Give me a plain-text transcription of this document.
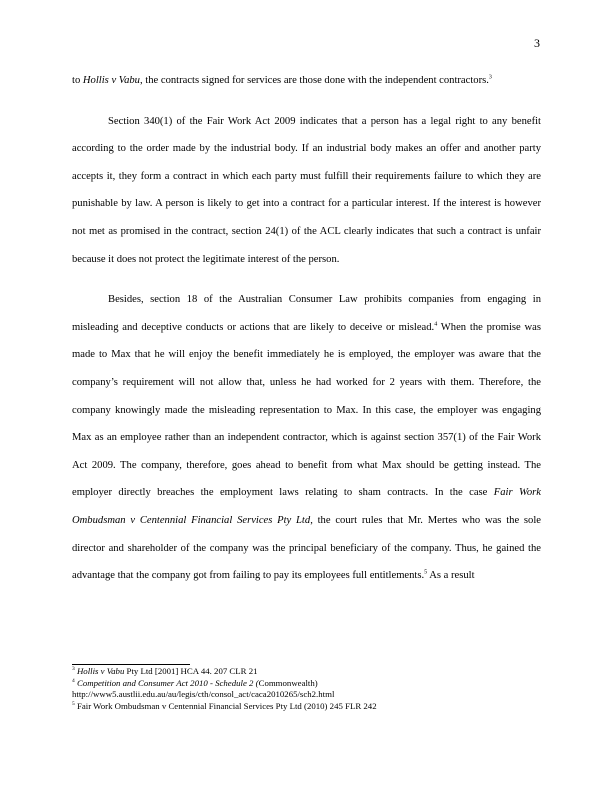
3

to Hollis v Vabu, the contracts signed for services are those done with the independent contractors.$^3$

Section 340(1) of the Fair Work Act 2009 indicates that a person has a legal right to any benefit according to the order made by the industrial body. If an industrial body makes an offer and another party accepts it, they form a contract in which each party must fulfill their requirements failure to which they are punishable by law. A person is likely to get into a contract for a particular interest. If the interest is however not met as promised in the contract, section 24(1) of the ACL clearly indicates that such a contract is unfair because it does not protect the legitimate interest of the person.

Besides, section 18 of the Australian Consumer Law prohibits companies from engaging in misleading and deceptive conducts or actions that are likely to deceive or mislead.$^4$ When the promise was made to Max that he will enjoy the benefit immediately he is employed, the employer was aware that the company’s requirement will not allow that, unless he had worked for 2 years with them. Therefore, the company knowingly made the misleading representation to Max. In this case, the employer was engaging Max as an employee rather than an independent contractor, which is against section 357(1) of the Fair Work Act 2009. The company, therefore, goes ahead to benefit from what Max should be getting instead. The employer directly breaches the employment laws relating to sham contracts. In the case Fair Work Ombudsman v Centennial Financial Services Pty Ltd, the court rules that Mr. Mertes who was the sole director and shareholder of the company was the principal beneficiary of the company. Thus, he gained the advantage that the company got from failing to pay its employees full entitlements.$^5$ As a result

$^3$ Hollis v Vabu Pty Ltd [2001] HCA 44. 207 CLR 21

$^4$ Competition and Consumer Act 2010 - Schedule 2 (Commonwealth)

http://www5.austlii.edu.au/au/legis/cth/consol_act/caca2010265/sch2.html

$^5$ Fair Work Ombudsman v Centennial Financial Services Pty Ltd (2010) 245 FLR 242
